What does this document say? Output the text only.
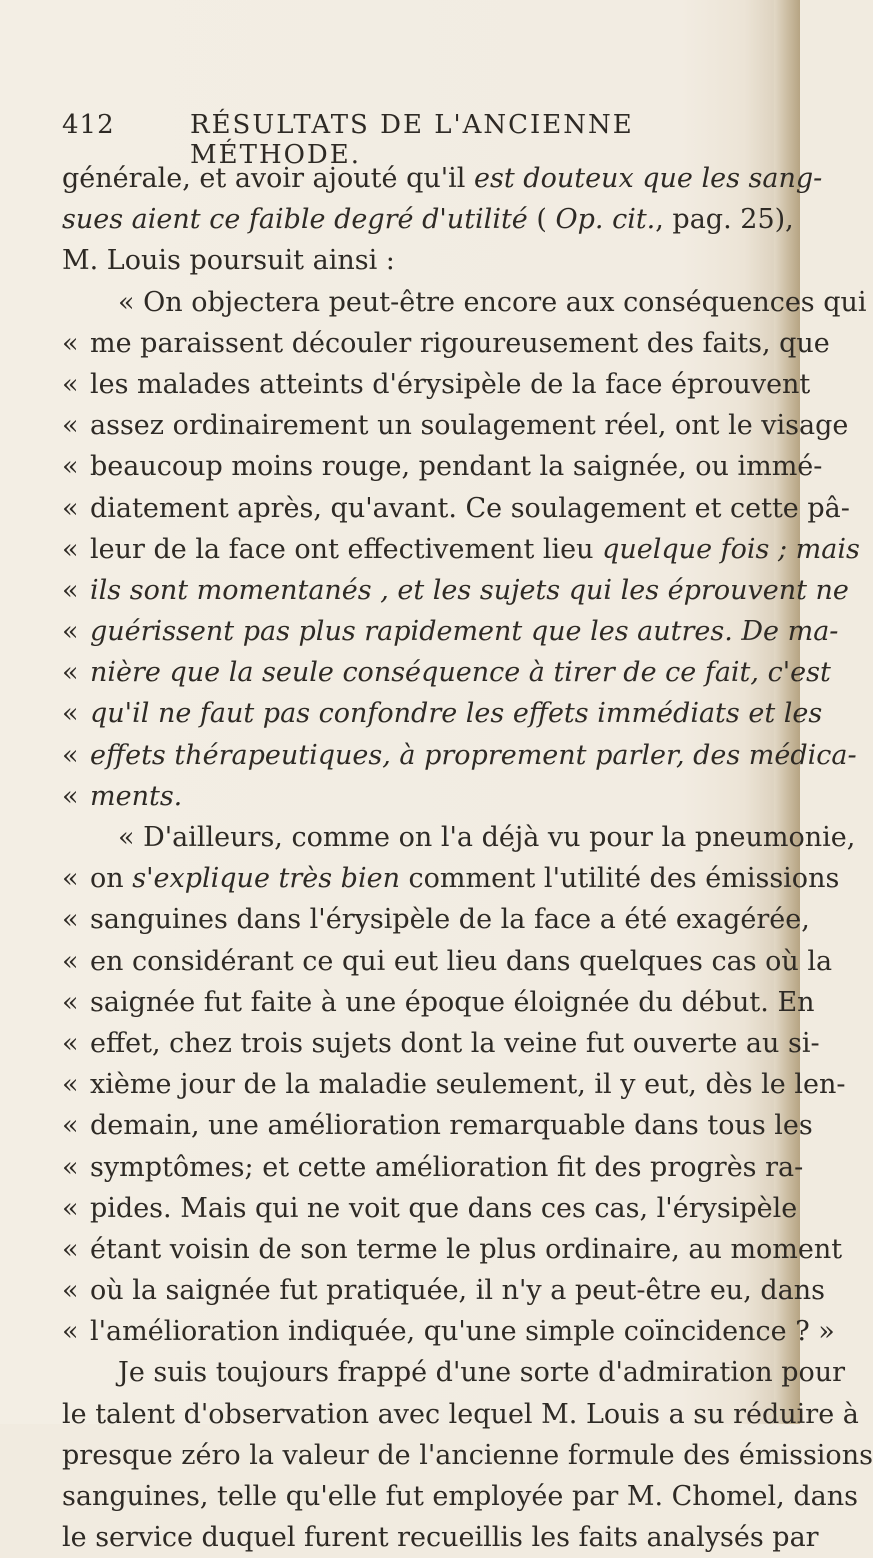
412	RÉSULTATS DE L'ANCIENNE MÉTHODE.
générale, et avoir ajouté qu'il est douteux que les sang-
sues aient ce faible degré d'utilité ( Op. cit., pag. 25),
M. Louis poursuit ainsi :
« On objectera peut-être encore aux conséquences qui
« me paraissent découler rigoureusement des faits, que
« les malades atteints d'érysipèle de la face éprouvent
« assez ordinairement un soulagement réel, ont le visage
« beaucoup moins rouge, pendant la saignée, ou immé-
« diatement après, qu'avant. Ce soulagement et cette pâ-
« leur de la face ont effectivement lieu quelque fois ; mais
« ils sont momentanés , et les sujets qui les éprouvent ne
« guérissent pas plus rapidement que les autres. De ma-
« nière que la seule conséquence à tirer de ce fait, c'est
« qu'il ne faut pas confondre les effets immédiats et les
« effets thérapeutiques, à proprement parler, des médica-
« ments.
« D'ailleurs, comme on l'a déjà vu pour la pneumonie,
« on s'explique très bien comment l'utilité des émissions
« sanguines dans l'érysipèle de la face a été exagérée,
« en considérant ce qui eut lieu dans quelques cas où la
« saignée fut faite à une époque éloignée du début. En
« effet, chez trois sujets dont la veine fut ouverte au si-
« xième jour de la maladie seulement, il y eut, dès le len-
« demain, une amélioration remarquable dans tous les
« symptômes; et cette amélioration fit des progrès ra-
« pides. Mais qui ne voit que dans ces cas, l'érysipèle
« étant voisin de son terme le plus ordinaire, au moment
« où la saignée fut pratiquée, il n'y a peut-être eu, dans
« l'amélioration indiquée, qu'une simple coïncidence ? »
Je suis toujours frappé d'une sorte d'admiration pour
le talent d'observation avec lequel M. Louis a su réduire à
presque zéro la valeur de l'ancienne formule des émissions
sanguines, telle qu'elle fut employée par M. Chomel, dans
le service duquel furent recueillis les faits analysés par
